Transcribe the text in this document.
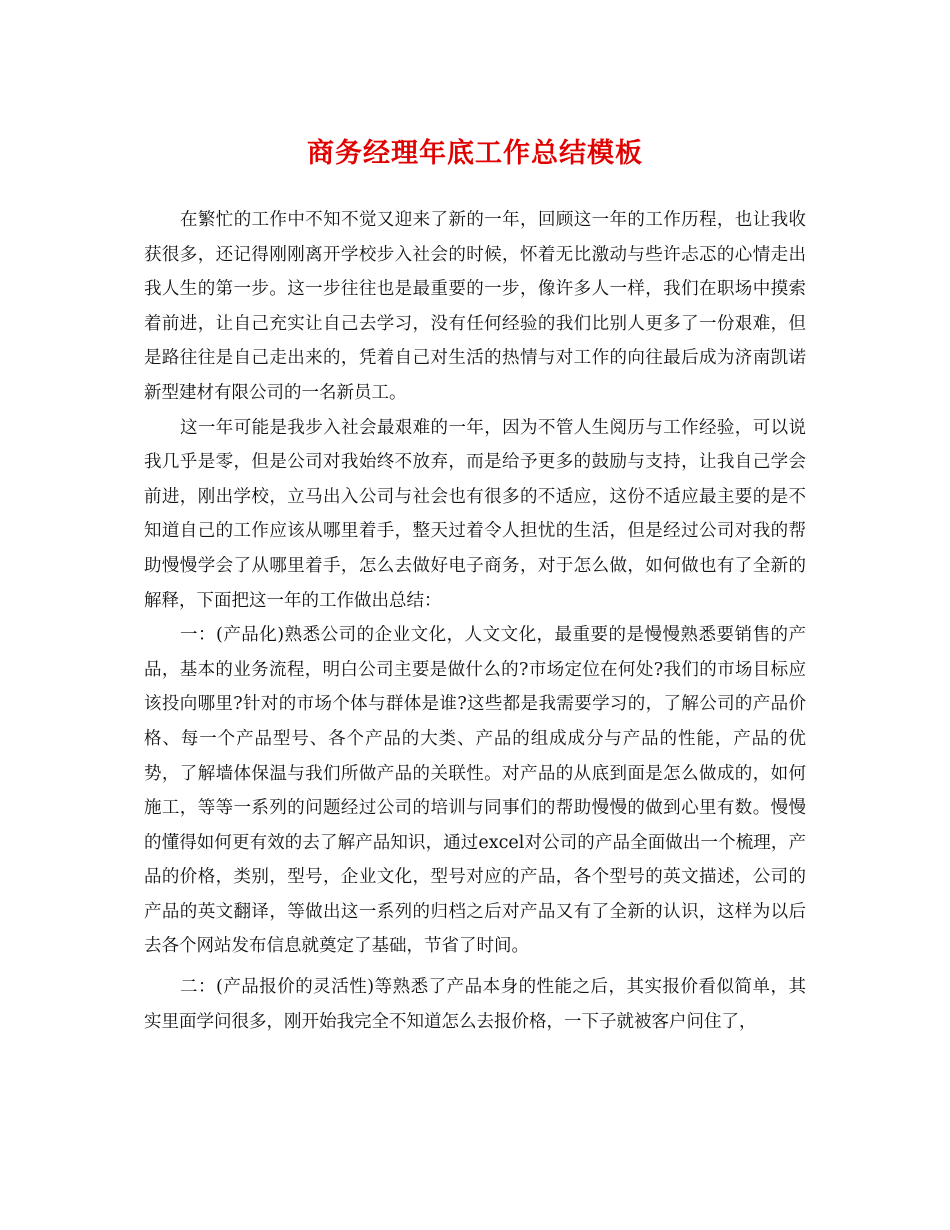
商务经理年底工作总结模板

在繁忙的工作中不知不觉又迎来了新的一年，回顾这一年的工作历程，也让我收获很多，还记得刚刚离开学校步入社会的时候，怀着无比激动与些许忐忑的心情走出我人生的第一步。这一步往往也是最重要的一步，像许多人一样，我们在职场中摸索着前进，让自己充实让自己去学习，没有任何经验的我们比别人更多了一份艰难，但是路往往是自己走出来的，凭着自己对生活的热情与对工作的向往最后成为济南凯诺新型建材有限公司的一名新员工。

这一年可能是我步入社会最艰难的一年，因为不管人生阅历与工作经验，可以说我几乎是零，但是公司对我始终不放弃，而是给予更多的鼓励与支持，让我自己学会前进，刚出学校，立马出入公司与社会也有很多的不适应，这份不适应最主要的是不知道自己的工作应该从哪里着手，整天过着令人担忧的生活，但是经过公司对我的帮助慢慢学会了从哪里着手，怎么去做好电子商务，对于怎么做，如何做也有了全新的解释，下面把这一年的工作做出总结：

一：(产品化)熟悉公司的企业文化，人文文化，最重要的是慢慢熟悉要销售的产品，基本的业务流程，明白公司主要是做什么的?市场定位在何处?我们的市场目标应该投向哪里?针对的市场个体与群体是谁?这些都是我需要学习的，了解公司的产品价格、每一个产品型号、各个产品的大类、产品的组成成分与产品的性能，产品的优势，了解墙体保温与我们所做产品的关联性。对产品的从底到面是怎么做成的，如何施工，等等一系列的问题经过公司的培训与同事们的帮助慢慢的做到心里有数。慢慢的懂得如何更有效的去了解产品知识，通过excel对公司的产品全面做出一个梳理，产品的价格，类别，型号，企业文化，型号对应的产品，各个型号的英文描述，公司的产品的英文翻译，等做出这一系列的归档之后对产品又有了全新的认识，这样为以后去各个网站发布信息就奠定了基础，节省了时间。

二：(产品报价的灵活性)等熟悉了产品本身的性能之后，其实报价看似简单，其实里面学问很多，刚开始我完全不知道怎么去报价格，一下子就被客户问住了，
